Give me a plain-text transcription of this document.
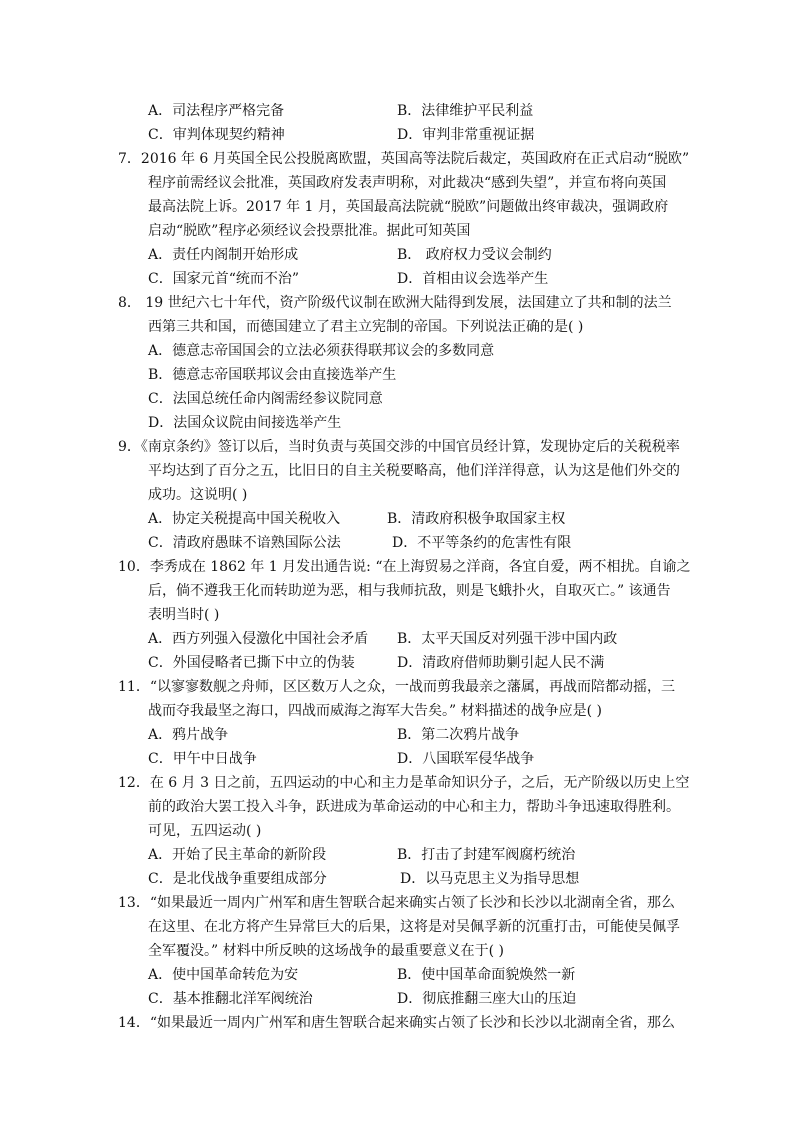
A．司法程序严格完备	B．法律维护平民利益
C．审判体现契约精神	D．审判非常重视证据
7．2016 年 6 月英国全民公投脱离欧盟，英国高等法院后裁定，英国政府在正式启动“脱欧”
程序前需经议会批准，英国政府发表声明称，对此裁决“感到失望”，并宣布将向英国
最高法院上诉。2017 年 1 月，英国最高法院就“脱欧”问题做出终审裁决，强调政府
启动“脱欧”程序必须经议会投票批准。据此可知英国
A．责任内阁制开始形成	B． 政府权力受议会制约
C．国家元首“统而不治”	D．首相由议会选举产生
8． 19 世纪六七十年代，资产阶级代议制在欧洲大陆得到发展，法国建立了共和制的法兰
西第三共和国，而德国建立了君主立宪制的帝国。下列说法正确的是( )
A．德意志帝国国会的立法必须获得联邦议会的多数同意
B．德意志帝国联邦议会由直接选举产生
C．法国总统任命内阁需经参议院同意
D．法国众议院由间接选举产生
9．《南京条约》签订以后，当时负责与英国交涉的中国官员经计算，发现协定后的关税税率
平均达到了百分之五，比旧日的自主关税要略高，他们洋洋得意，认为这是他们外交的
成功。这说明( )
A．协定关税提高中国关税收入	B．清政府积极争取国家主权
C．清政府愚昧不谙熟国际公法	D．不平等条约的危害性有限
10．李秀成在 1862 年 1 月发出通告说: “在上海贸易之洋商，各宜自爱，两不相扰。自谕之
后，倘不遵我王化而转助逆为恶，相与我师抗敌，则是飞蛾扑火，自取灭亡。” 该通告
表明当时( )
A．西方列强入侵激化中国社会矛盾 B．太平天国反对列强干涉中国内政
C．外国侵略者已撕下中立的伪装	D．清政府借师助剿引起人民不满
11．“以寥寥数舰之舟师，区区数万人之众，一战而剪我最亲之藩属，再战而陪都动摇，三
战而夺我最坚之海口，四战而威海之海军大告矣。” 材料描述的战争应是( )
A．鸦片战争	B．第二次鸦片战争
C．甲午中日战争	D．八国联军侵华战争
12．在 6 月 3 日之前，五四运动的中心和主力是革命知识分子，之后，无产阶级以历史上空
前的政治大罢工投入斗争，跃进成为革命运动的中心和主力，帮助斗争迅速取得胜利。
可见，五四运动( )
A．开始了民主革命的新阶段	B．打击了封建军阀腐朽统治
C．是北伐战争重要组成部分	D．以马克思主义为指导思想
13．“如果最近一周内广州军和唐生智联合起来确实占领了长沙和长沙以北湖南全省，那么
在这里、在北方将产生异常巨大的后果，这将是对吴佩孚新的沉重打击，可能使吴佩孚
全军覆没。” 材料中所反映的这场战争的最重要意义在于( )
A．使中国革命转危为安	B．使中国革命面貌焕然一新
C．基本推翻北洋军阀统治	D．彻底推翻三座大山的压迫
14．“如果最近一周内广州军和唐生智联合起来确实占领了长沙和长沙以北湖南全省，那么
